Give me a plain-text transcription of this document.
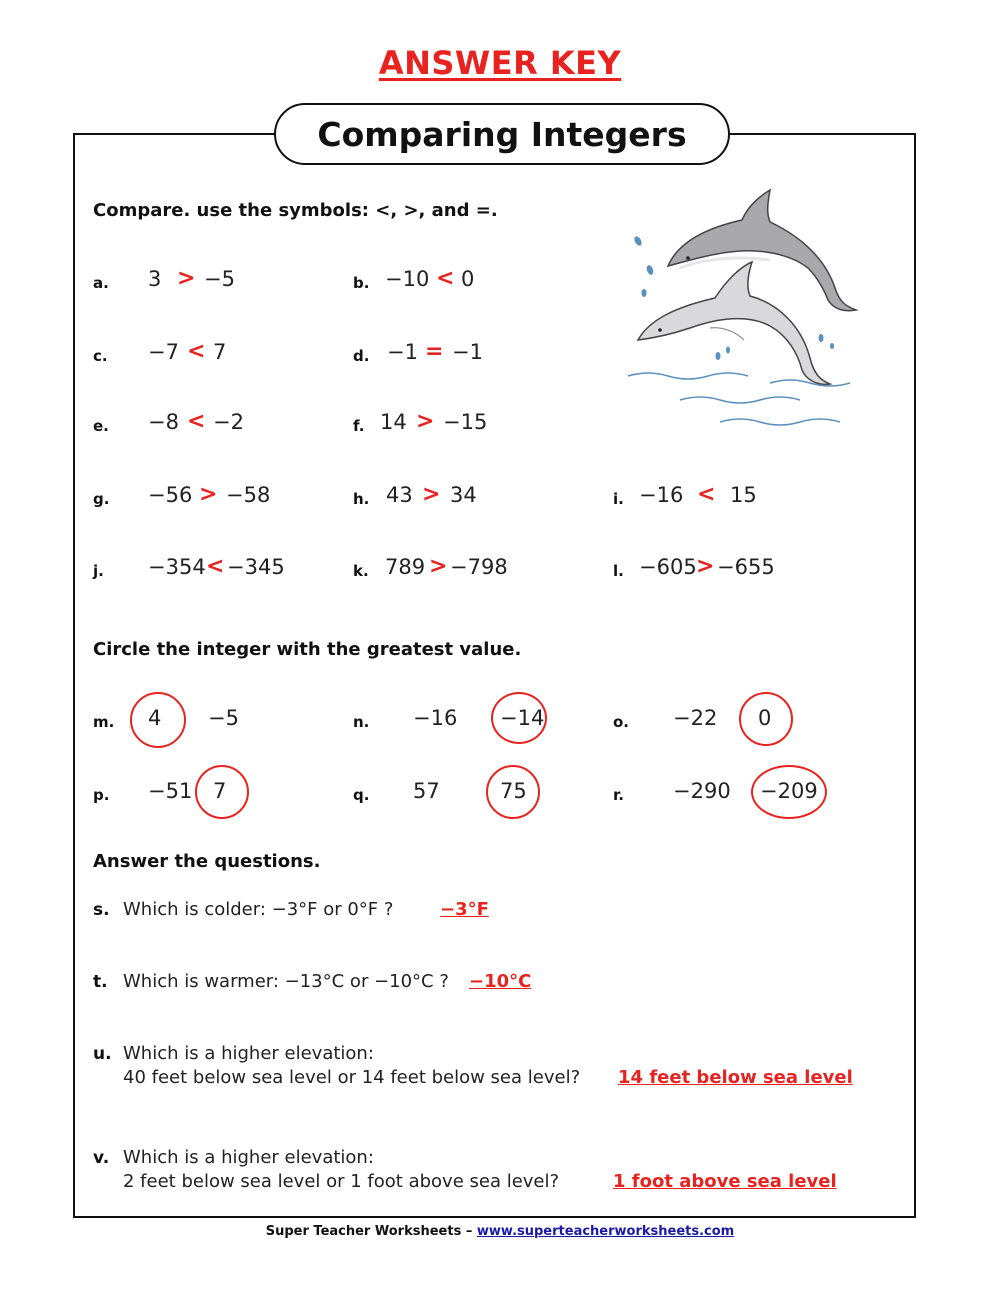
ANSWER KEY
Comparing Integers
Compare. use the symbols: <, >, and =.
a. 3 > −5	b. −10 < 0
c. −7 < 7	d. −1 = −1
e. −8 < −2	f. 14 > −15
g. −56 > −58	h. 43 > 34	i. −16 < 15
j. −354 < −345	k. 789 > −798	l. −605 > −655
Circle the integer with the greatest value.
m. 4 −5	n. −16 −14	o. −22 0
p. −51 7	q. 57	75	r. −290 −209
Answer the questions.
s. Which is colder: −3°F or 0°F ?	−3°F
t. Which is warmer: −13°C or −10°C ? −10°C
u. Which is a higher elevation:
40 feet below sea level or 14 feet below sea level? 14 feet below sea level
v. Which is a higher elevation:
2 feet below sea level or 1 foot above sea level?	1 foot above sea level
Super Teacher Worksheets – www.superteacherworksheets.com
